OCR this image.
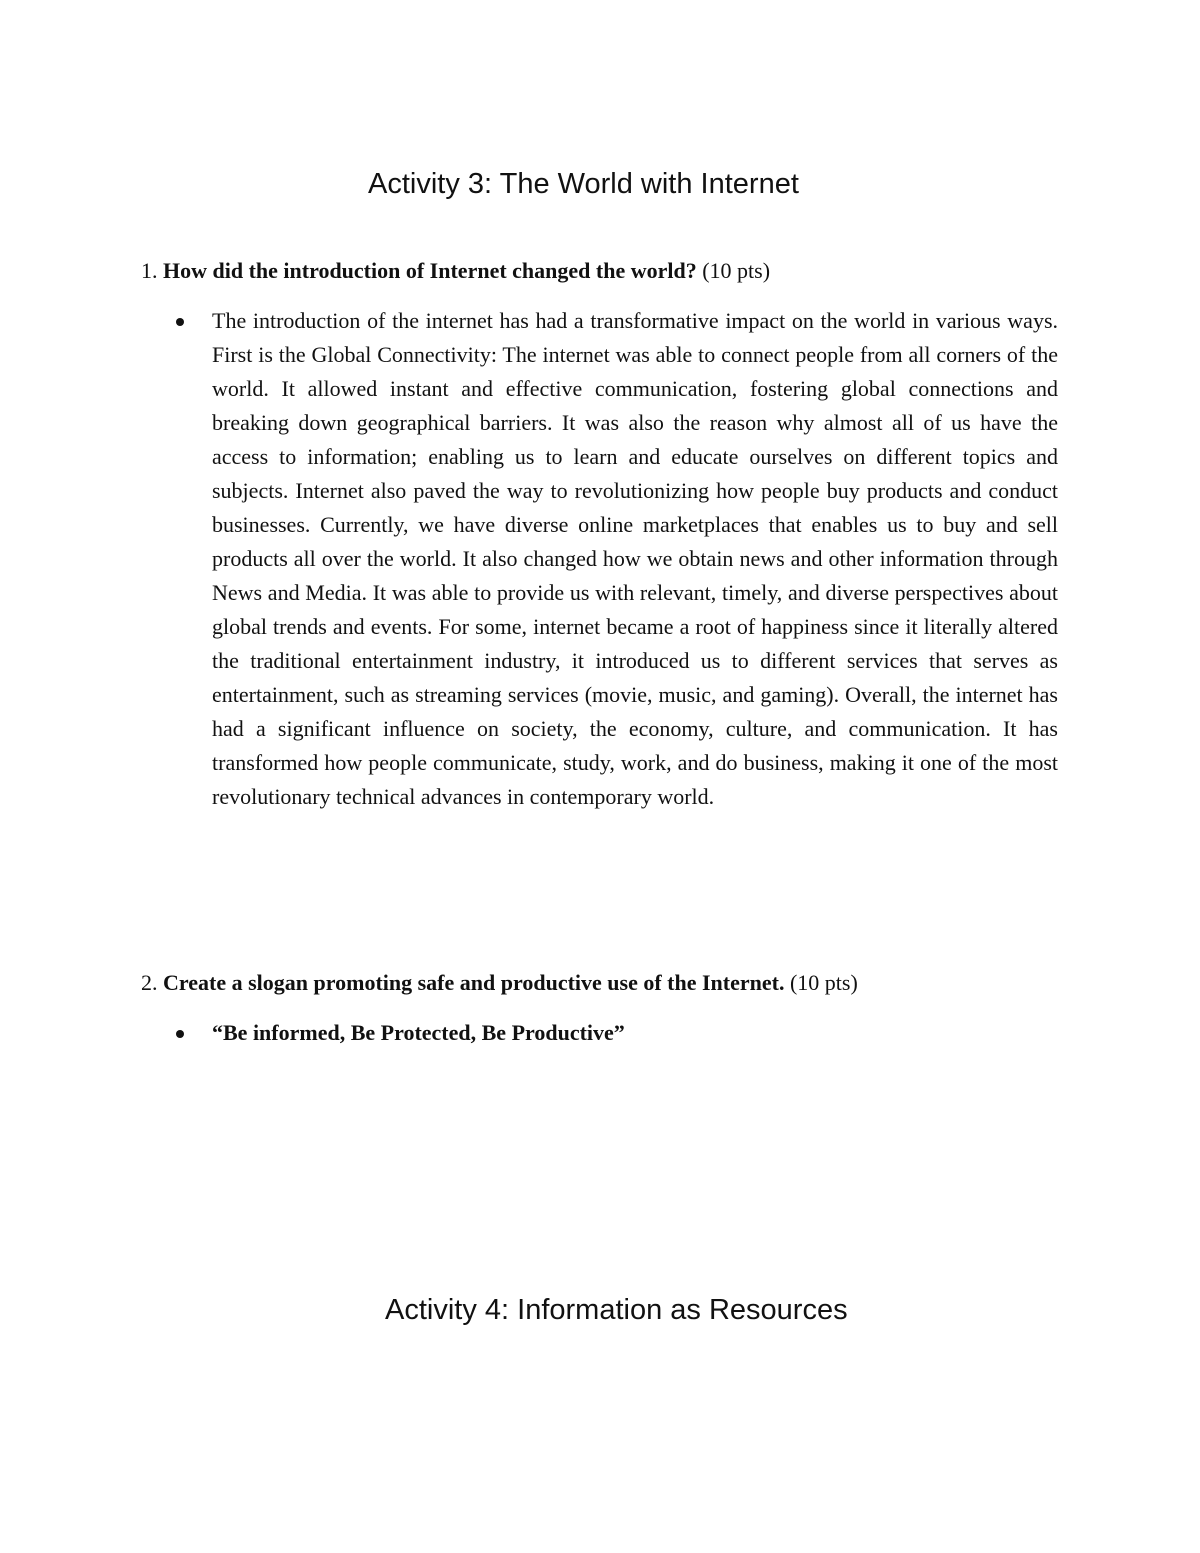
Activity 3: The World with Internet

1. How did the introduction of Internet changed the world? (10 pts)

The introduction of the internet has had a transformative impact on the world in various ways. First is the Global Connectivity: The internet was able to connect people from all corners of the world. It allowed instant and effective communication, fostering global connections and breaking down geographical barriers. It was also the reason why almost all of us have the access to information; enabling us to learn and educate ourselves on different topics and subjects. Internet also paved the way to revolutionizing how people buy products and conduct businesses. Currently, we have diverse online marketplaces that enables us to buy and sell products all over the world. It also changed how we obtain news and other information through News and Media. It was able to provide us with relevant, timely, and diverse perspectives about global trends and events. For some, internet became a root of happiness since it literally altered the traditional entertainment industry, it introduced us to different services that serves as entertainment, such as streaming services (movie, music, and gaming). Overall, the internet has had a significant influence on society, the economy, culture, and communication. It has transformed how people communicate, study, work, and do business, making it one of the most revolutionary technical advances in contemporary world.

2. Create a slogan promoting safe and productive use of the Internet. (10 pts)

“Be informed, Be Protected, Be Productive”

Activity 4: Information as Resources
